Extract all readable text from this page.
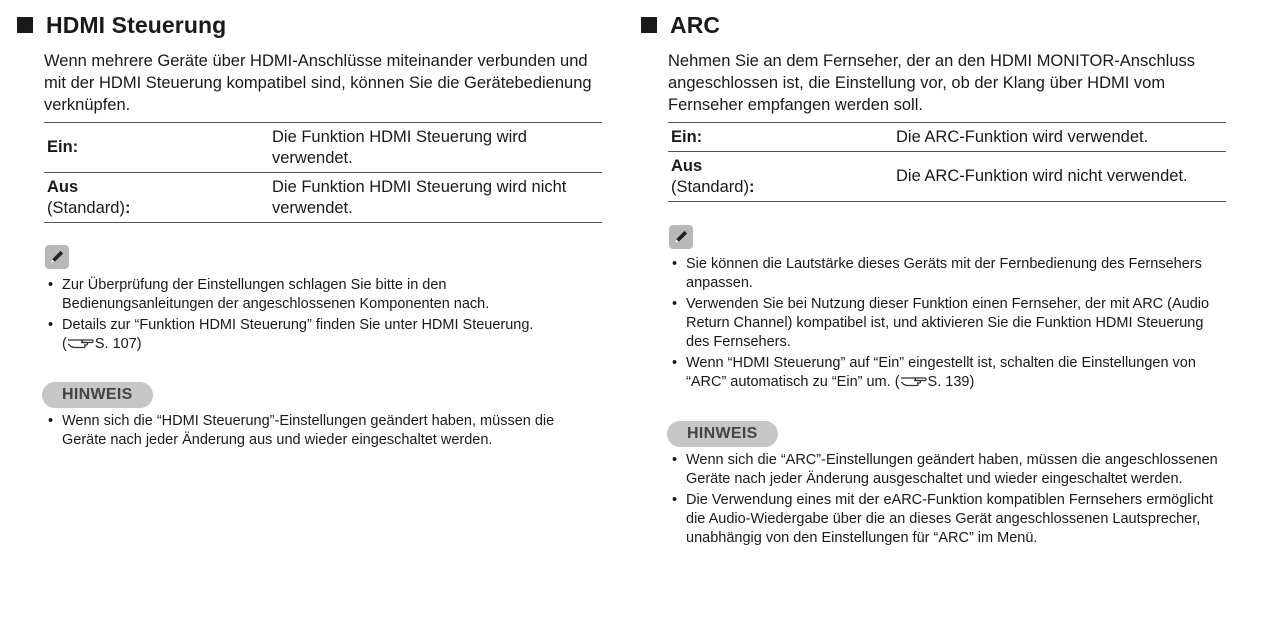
HDMI Steuerung
Wenn mehrere Geräte über HDMI-Anschlüsse miteinander verbunden und mit der HDMI Steuerung kompatibel sind, können Sie die Gerätebedienung verknüpfen.
Ein:	Die Funktion HDMI Steuerung wird verwendet.

Aus
(Standard):	Die Funktion HDMI Steuerung wird nicht verwendet.
• Zur Überprüfung der Einstellungen schlagen Sie bitte in den Bedienungsanleitungen der angeschlossenen Komponenten nach.
• Details zur “Funktion HDMI Steuerung” finden Sie unter HDMI Steuerung.
( S. 107)
HINWEIS
• Wenn sich die “HDMI Steuerung”-Einstellungen geändert haben, müssen die Geräte nach jeder Änderung aus und wieder eingeschaltet werden.
ARC
Nehmen Sie an dem Fernseher, der an den HDMI MONITOR-Anschluss angeschlossen ist, die Einstellung vor, ob der Klang über HDMI vom Fernseher empfangen werden soll.
Ein:	Die ARC-Funktion wird verwendet.

Aus
(Standard):	Die ARC-Funktion wird nicht verwendet.
• Sie können die Lautstärke dieses Geräts mit der Fernbedienung des Fernsehers anpassen.
• Verwenden Sie bei Nutzung dieser Funktion einen Fernseher, der mit ARC (Audio Return Channel) kompatibel ist, und aktivieren Sie die Funktion HDMI Steuerung des Fernsehers.
• Wenn “HDMI Steuerung” auf “Ein” eingestellt ist, schalten die Einstellungen von “ARC” automatisch zu “Ein” um. ( S. 139)
HINWEIS
• Wenn sich die “ARC”-Einstellungen geändert haben, müssen die angeschlossenen Geräte nach jeder Änderung ausgeschaltet und wieder eingeschaltet werden.
• Die Verwendung eines mit der eARC-Funktion kompatiblen Fernsehers ermöglicht die Audio-Wiedergabe über die an dieses Gerät angeschlossenen Lautsprecher, unabhängig von den Einstellungen für “ARC” im Menü.
